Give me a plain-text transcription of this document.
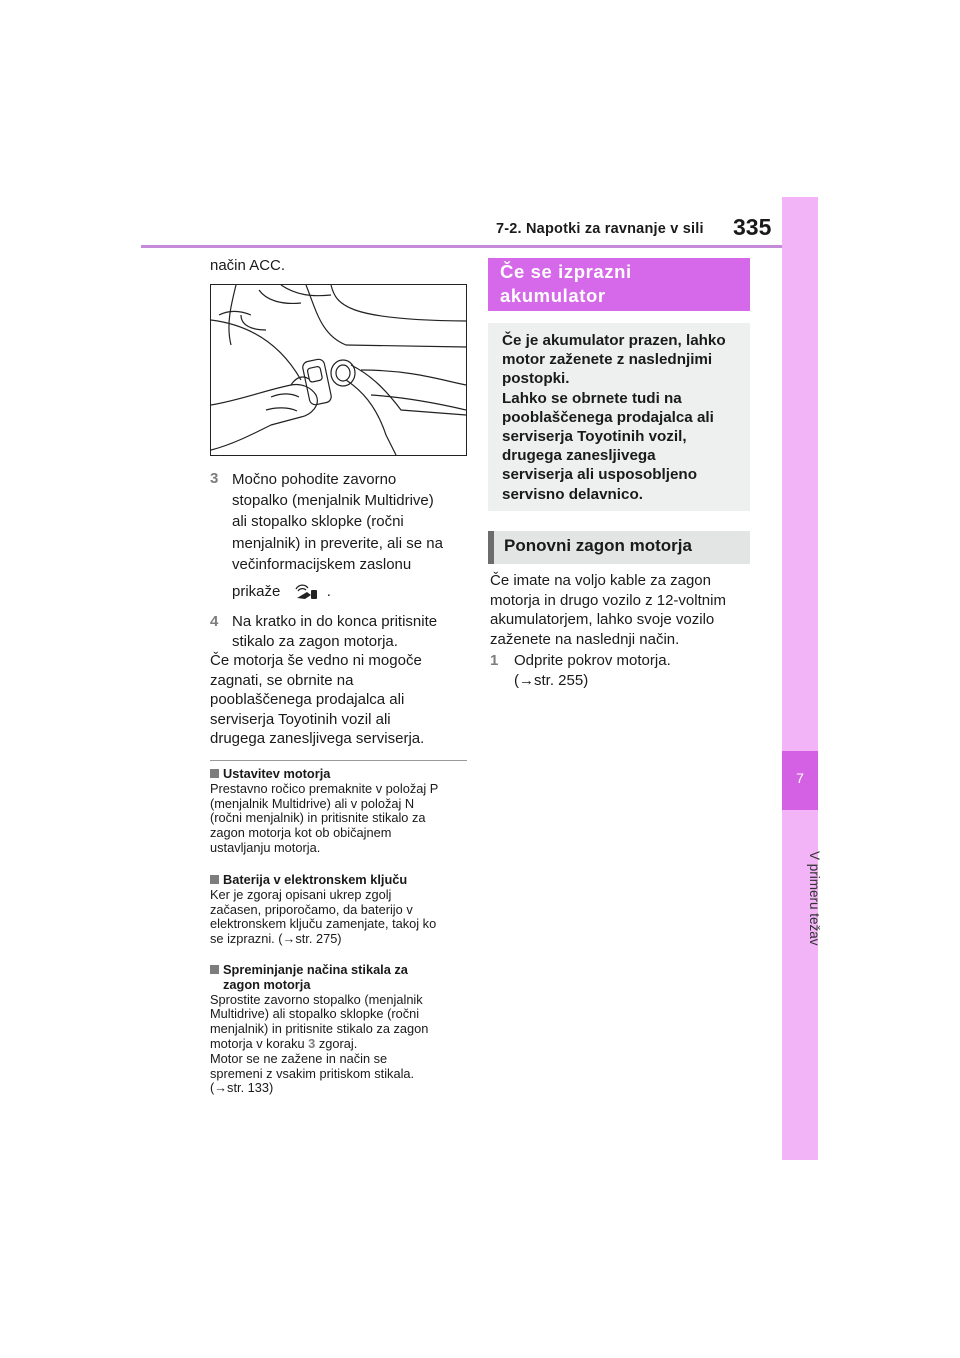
7-2. Napotki za ravnanje v sili 335
7
V primeru težav
način ACC.
3 Močno pohodite zavorno
stopalko (menjalnik Multidrive)
ali stopalko sklopke (ročni
menjalnik) in preverite, ali se na
večinformacijskem zaslonu
prikaže	.
4 Na kratko in do konca pritisnite
stikalo za zagon motorja.
Če motorja še vedno ni mogoče
zagnati, se obrnite na
pooblaščenega prodajalca ali
serviserja Toyotinih vozil ali
drugega zanesljivega serviserja.
Ustavitev motorja
Prestavno ročico premaknite v položaj P
(menjalnik Multidrive) ali v položaj N
(ročni menjalnik) in pritisnite stikalo za
zagon motorja kot ob običajnem
ustavljanju motorja.
Baterija v elektronskem ključu
Ker je zgoraj opisani ukrep zgolj
začasen, priporočamo, da baterijo v
elektronskem ključu zamenjate, takoj ko
se izprazni. (→str. 275)
Spreminjanje načina stikala za
zagon motorja
Sprostite zavorno stopalko (menjalnik
Multidrive) ali stopalko sklopke (ročni
menjalnik) in pritisnite stikalo za zagon
motorja v koraku 3 zgoraj.
Motor se ne zažene in način se
spremeni z vsakim pritiskom stikala.
(→str. 133)
Če se izprazni
akumulator
Če je akumulator prazen, lahko
motor zaženete z naslednjimi
postopki.
Lahko se obrnete tudi na
pooblaščenega prodajalca ali
serviserja Toyotinih vozil,
drugega zanesljivega
serviserja ali usposobljeno
servisno delavnico.
Ponovni zagon motorja
Če imate na voljo kable za zagon
motorja in drugo vozilo z 12-voltnim
akumulatorjem, lahko svoje vozilo
zaženete na naslednji način.
1 Odprite pokrov motorja.
(→str. 255)
